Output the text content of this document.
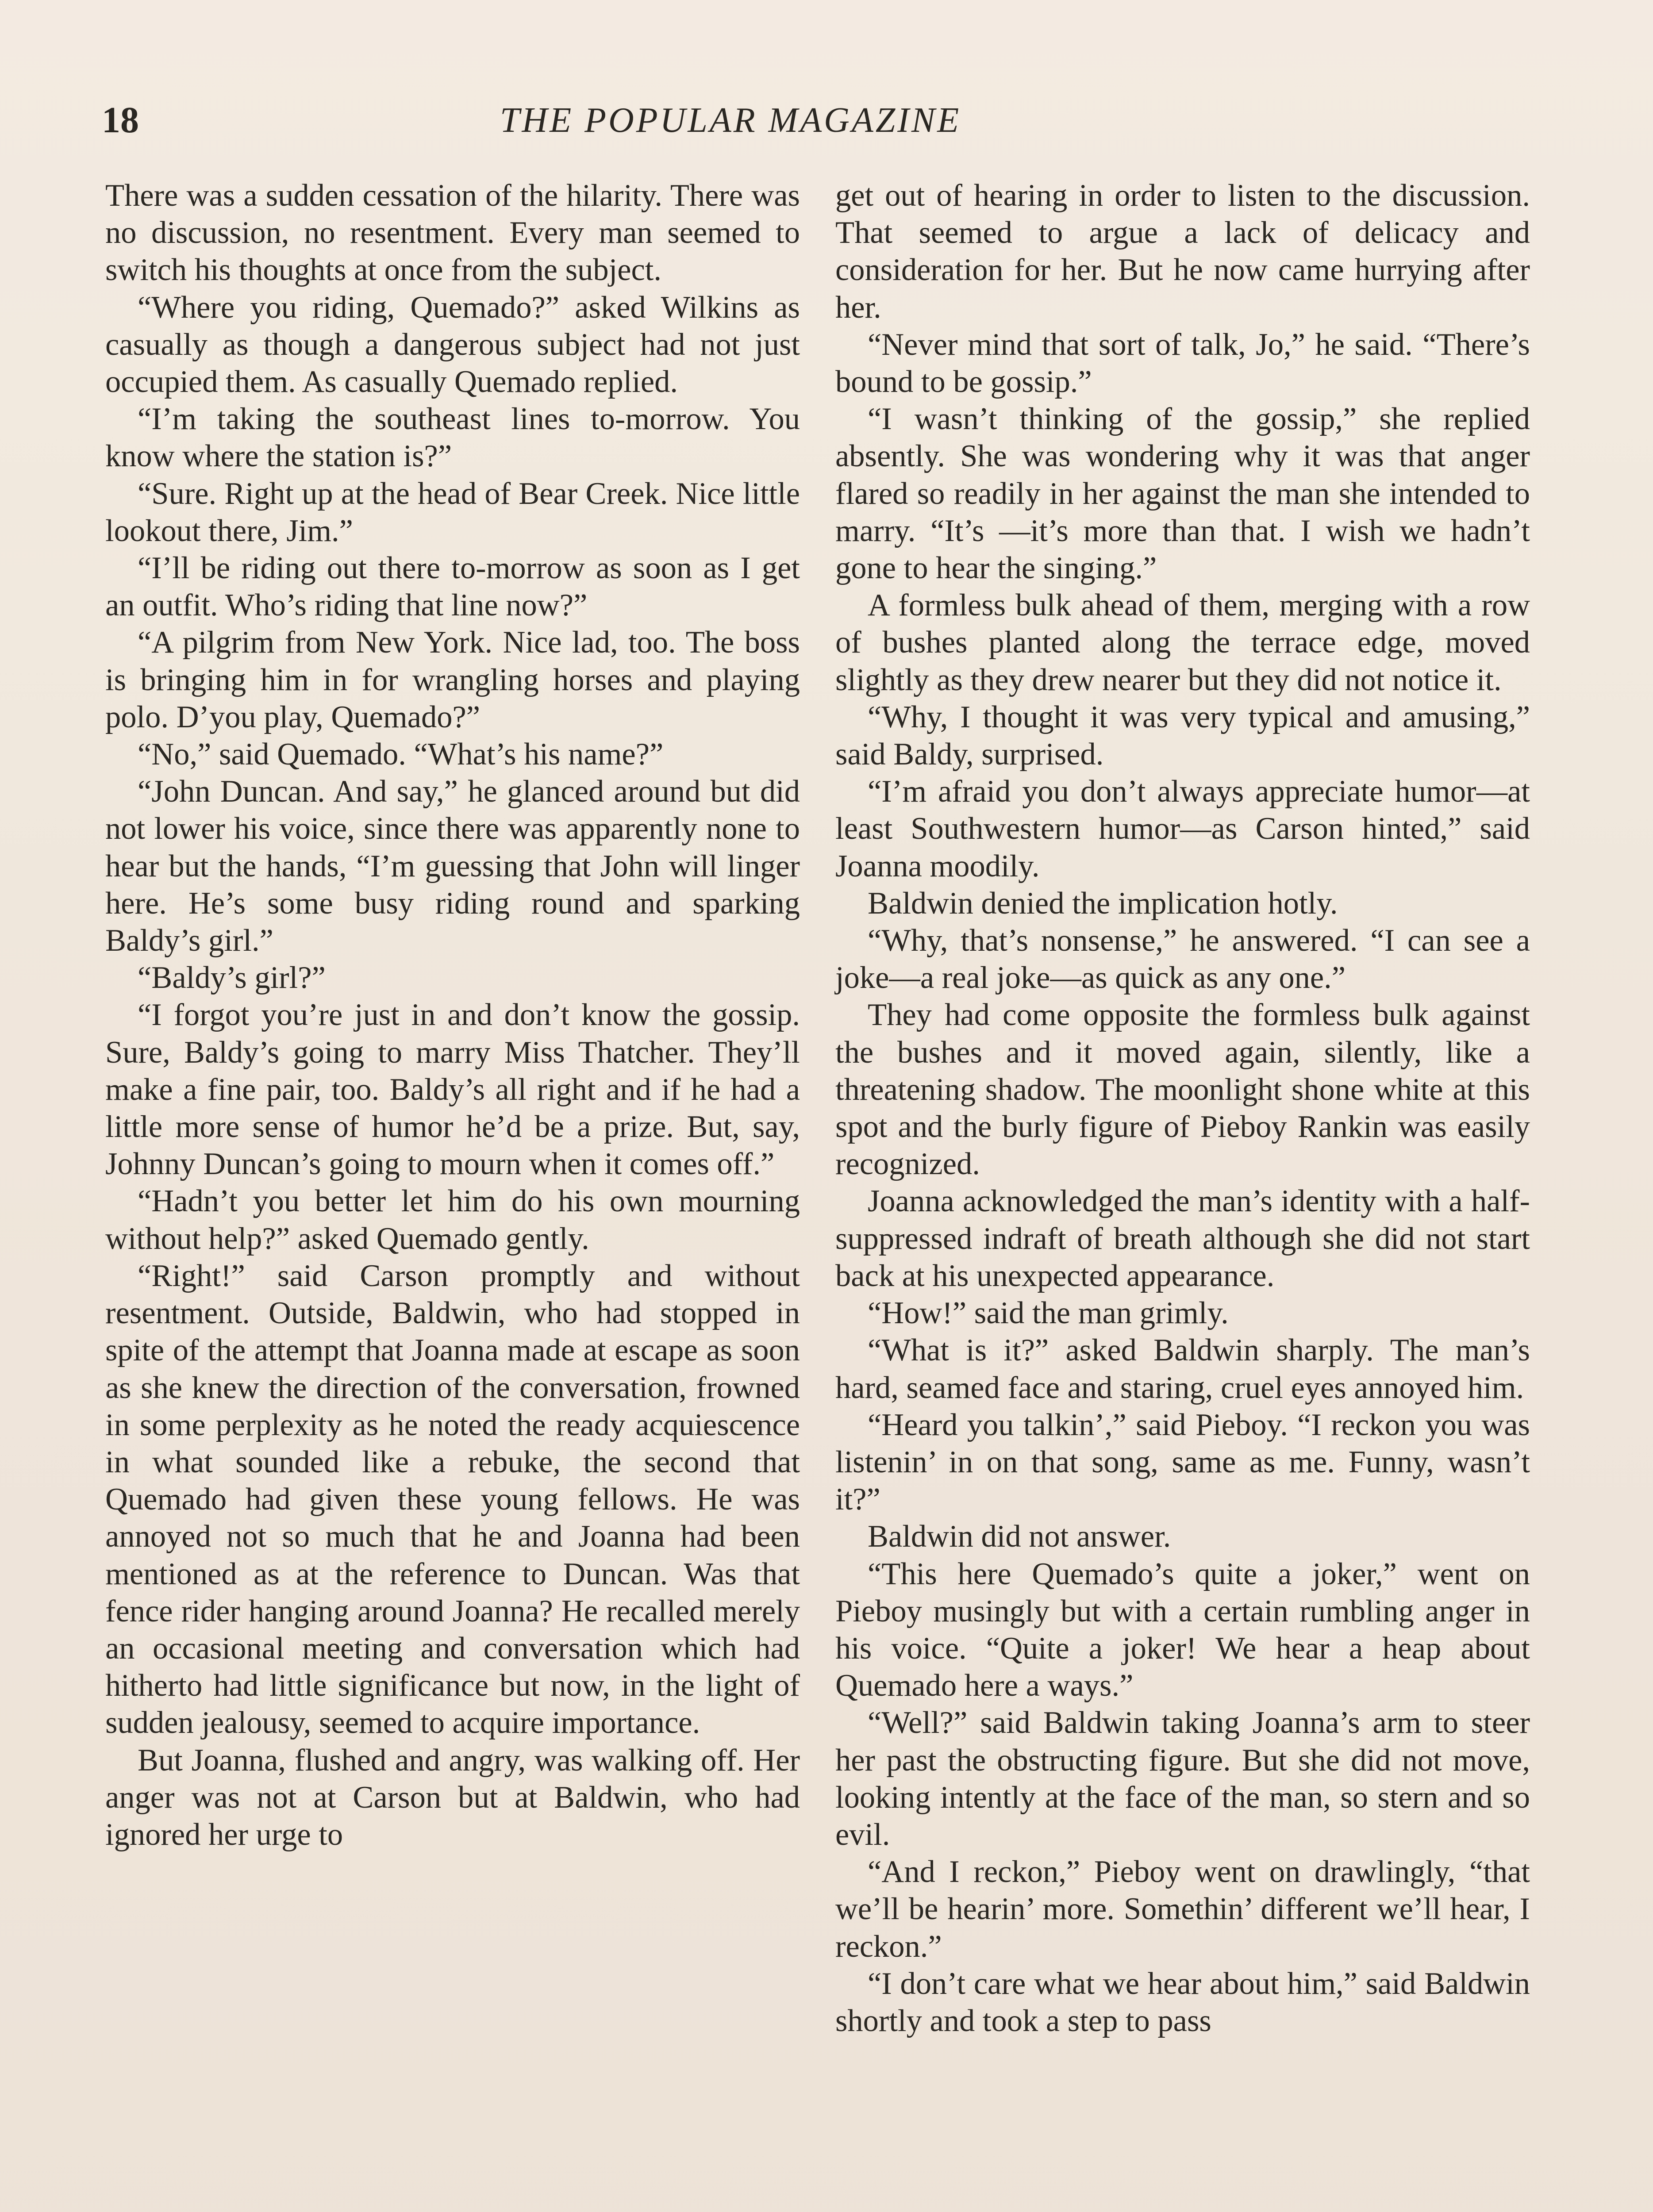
18	THE POPULAR MAGAZINE

There was a sudden cessation of the hilarity. There was no discussion, no resentment. Every man seemed to switch his thoughts at once from the subject.

“Where you riding, Quemado?” asked Wilkins as casually as though a dangerous subject had not just occupied them. As casually Quemado replied.

“I’m taking the southeast lines to-morrow. You know where the station is?”

“Sure. Right up at the head of Bear Creek. Nice little lookout there, Jim.”

“I’ll be riding out there to-morrow as soon as I get an outfit. Who’s riding that line now?”

“A pilgrim from New York. Nice lad, too. The boss is bringing him in for wrangling horses and playing polo. D’you play, Quemado?”

“No,” said Quemado. “What’s his name?”

“John Duncan. And say,” he glanced around but did not lower his voice, since there was apparently none to hear but the hands, “I’m guessing that John will linger here. He’s some busy riding round and sparking Baldy’s girl.”

“Baldy’s girl?”

“I forgot you’re just in and don’t know the gossip. Sure, Baldy’s going to marry Miss Thatcher. They’ll make a fine pair, too. Baldy’s all right and if he had a little more sense of humor he’d be a prize. But, say, Johnny Duncan’s going to mourn when it comes off.”

“Hadn’t you better let him do his own mourning without help?” asked Quemado gently.

“Right!” said Carson promptly and without resentment. Outside, Baldwin, who had stopped in spite of the attempt that Joanna made at escape as soon as she knew the direction of the conversation, frowned in some perplexity as he noted the ready acquiescence in what sounded like a rebuke, the second that Quemado had given these young fellows. He was annoyed not so much that he and Joanna had been mentioned as at the reference to Duncan. Was that fence rider hanging around Joanna? He recalled merely an occasional meeting and conversation which had hitherto had little significance but now, in the light of sudden jealousy, seemed to acquire importance.

But Joanna, flushed and angry, was walking off. Her anger was not at Carson but at Baldwin, who had ignored her urge to

get out of hearing in order to listen to the discussion. That seemed to argue a lack of delicacy and consideration for her. But he now came hurrying after her.

“Never mind that sort of talk, Jo,” he said. “There’s bound to be gossip.”

“I wasn’t thinking of the gossip,” she replied absently. She was wondering why it was that anger flared so readily in her against the man she intended to marry. “It’s —it’s more than that. I wish we hadn’t gone to hear the singing.”

A formless bulk ahead of them, merging with a row of bushes planted along the terrace edge, moved slightly as they drew nearer but they did not notice it.

“Why, I thought it was very typical and amusing,” said Baldy, surprised.

“I’m afraid you don’t always appreciate humor—at least Southwestern humor—as Carson hinted,” said Joanna moodily.

Baldwin denied the implication hotly.

“Why, that’s nonsense,” he answered. “I can see a joke—a real joke—as quick as any one.”

They had come opposite the formless bulk against the bushes and it moved again, silently, like a threatening shadow. The moonlight shone white at this spot and the burly figure of Pieboy Rankin was easily recognized.

Joanna acknowledged the man’s identity with a half-suppressed indraft of breath although she did not start back at his unexpected appearance.

“How!” said the man grimly.

“What is it?” asked Baldwin sharply. The man’s hard, seamed face and staring, cruel eyes annoyed him.

“Heard you talkin’,” said Pieboy. “I reckon you was listenin’ in on that song, same as me. Funny, wasn’t it?”

Baldwin did not answer.

“This here Quemado’s quite a joker,” went on Pieboy musingly but with a certain rumbling anger in his voice. “Quite a joker! We hear a heap about Quemado here a ways.”

“Well?” said Baldwin taking Joanna’s arm to steer her past the obstructing figure. But she did not move, looking intently at the face of the man, so stern and so evil.

“And I reckon,” Pieboy went on drawlingly, “that we’ll be hearin’ more. Somethin’ different we’ll hear, I reckon.”

“I don’t care what we hear about him,” said Baldwin shortly and took a step to pass
